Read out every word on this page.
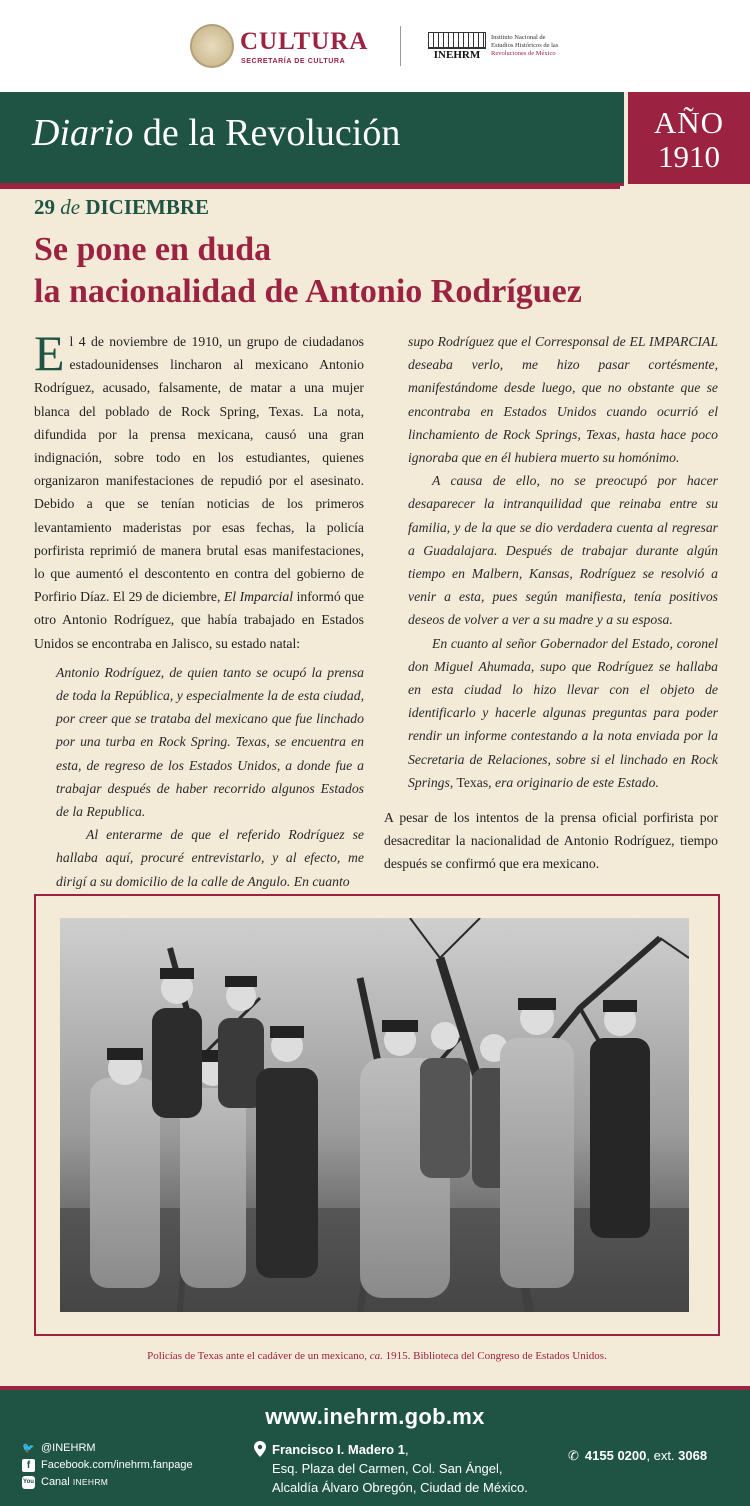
CULTURA
SECRETARÍA DE CULTURA
INEHRM
Instituto Nacional de
Estudios Históricos de las
Revoluciones de México
Diario de la Revolución	AÑO
1910
29 de DICIEMBRE
Se pone en duda
la nacionalidad de Antonio Rodríguez

El 4 de noviembre de 1910, un grupo de ciudadanos estadounidenses lincharon al mexicano Antonio Rodríguez, acusado, falsamente, de matar a una mujer blanca del poblado de Rock Spring, Texas. La nota, difundida por la prensa mexicana, causó una gran indignación, sobre todo en los estudiantes, quienes organizaron manifestaciones de repudió por el asesinato. Debido a que se tenían noticias de los primeros levantamiento maderistas por esas fechas, la policía porfirista reprimió de manera brutal esas manifestaciones, lo que aumentó el descontento en contra del gobierno de Porfirio Díaz. El 29 de diciembre, El Imparcial informó que otro Antonio Rodríguez, que había trabajado en Estados Unidos se encontraba en Jalisco, su estado natal:

Antonio Rodríguez, de quien tanto se ocupó la prensa de toda la República, y especialmente la de esta ciudad, por creer que se trataba del mexicano que fue linchado por una turba en Rock Spring. Texas, se encuentra en esta, de regreso de los Estados Unidos, a donde fue a trabajar después de haber recorrido algunos Estados de la Republica.

Al enterarme de que el referido Rodríguez se hallaba aquí, procuré entrevistarlo, y al efecto, me dirigí a su domicilio de la calle de Angulo. En cuanto

supo Rodríguez que el Corresponsal de EL IMPARCIAL deseaba verlo, me hizo pasar cortésmente, manifestándome desde luego, que no obstante que se encontraba en Estados Unidos cuando ocurrió el linchamiento de Rock Springs, Texas, hasta hace poco ignoraba que en él hubiera muerto su homónimo.

A causa de ello, no se preocupó por hacer desaparecer la intranquilidad que reinaba entre su familia, y de la que se dio verdadera cuenta al regresar a Guadalajara. Después de trabajar durante algún tiempo en Malbern, Kansas, Rodríguez se resolvió a venir a esta, pues según manifiesta, tenía positivos deseos de volver a ver a su madre y a su esposa.

En cuanto al señor Gobernador del Estado, coronel don Miguel Ahumada, supo que Rodríguez se hallaba en esta ciudad lo hizo llevar con el objeto de identificarlo y hacerle algunas preguntas para poder rendir un informe contestando a la nota enviada por la Secretaria de Relaciones, sobre si el linchado en Rock Springs, Texas, era originario de este Estado.

A pesar de los intentos de la prensa oficial porfirista por desacreditar la nacionalidad de Antonio Rodríguez, tiempo después se confirmó que era mexicano.

Policías de Texas ante el cadáver de un mexicano, ca. 1915. Biblioteca del Congreso de Estados Unidos.
www.inehrm.gob.mx
🐦 @INEHRM
f Facebook.com/inehrm.fanpage
You Canal INEHRM
Francisco I. Madero 1,
Esq. Plaza del Carmen, Col. San Ángel,
Alcaldía Álvaro Obregón, Ciudad de México.
✆ 4155 0200, ext. 3068
